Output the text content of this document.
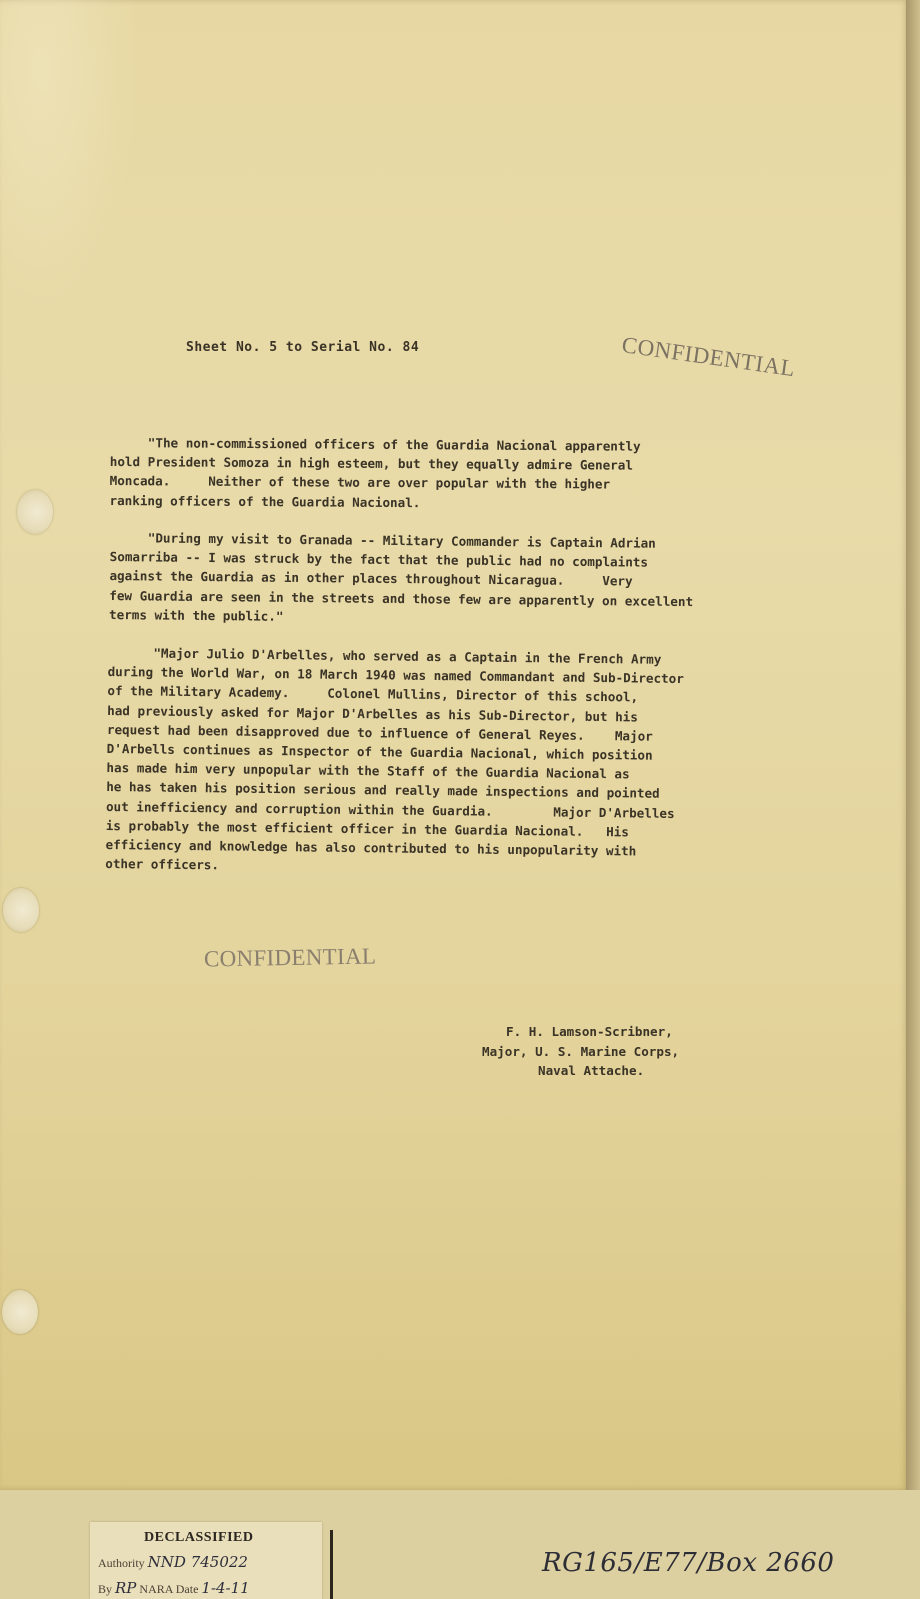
Sheet No. 5 to Serial No. 84	CONFIDENTIAL

"The non-commissioned officers of the Guardia Nacional apparently
hold President Somoza in high esteem, but they equally admire General
Moncada.     Neither of these two are over popular with the higher
ranking officers of the Guardia Nacional.

"During my visit to Granada -- Military Commander is Captain Adrian
Somarriba -- I was struck by the fact that the public had no complaints
against the Guardia as in other places throughout Nicaragua.     Very
few Guardia are seen in the streets and those few are apparently on excellent
terms with the public."

"Major Julio D'Arbelles, who served as a Captain in the French Army
during the World War, on 18 March 1940 was named Commandant and Sub-Director
of the Military Academy.     Colonel Mullins, Director of this school,
had previously asked for Major D'Arbelles as his Sub-Director, but his
request had been disapproved due to influence of General Reyes.    Major
D'Arbells continues as Inspector of the Guardia Nacional, which position
has made him very unpopular with the Staff of the Guardia Nacional as
he has taken his position serious and really made inspections and pointed
out inefficiency and corruption within the Guardia.        Major D'Arbelles
is probably the most efficient officer in the Guardia Nacional.   His
efficiency and knowledge has also contributed to his unpopularity with
other officers.

CONFIDENTIAL
F. H. Lamson-Scribner,
Major, U. S. Marine Corps,
Naval Attache.
DECLASSIFIED
Authority NND 745022
By RP NARA Date 1-4-11
RG165/E77/Box 2660
